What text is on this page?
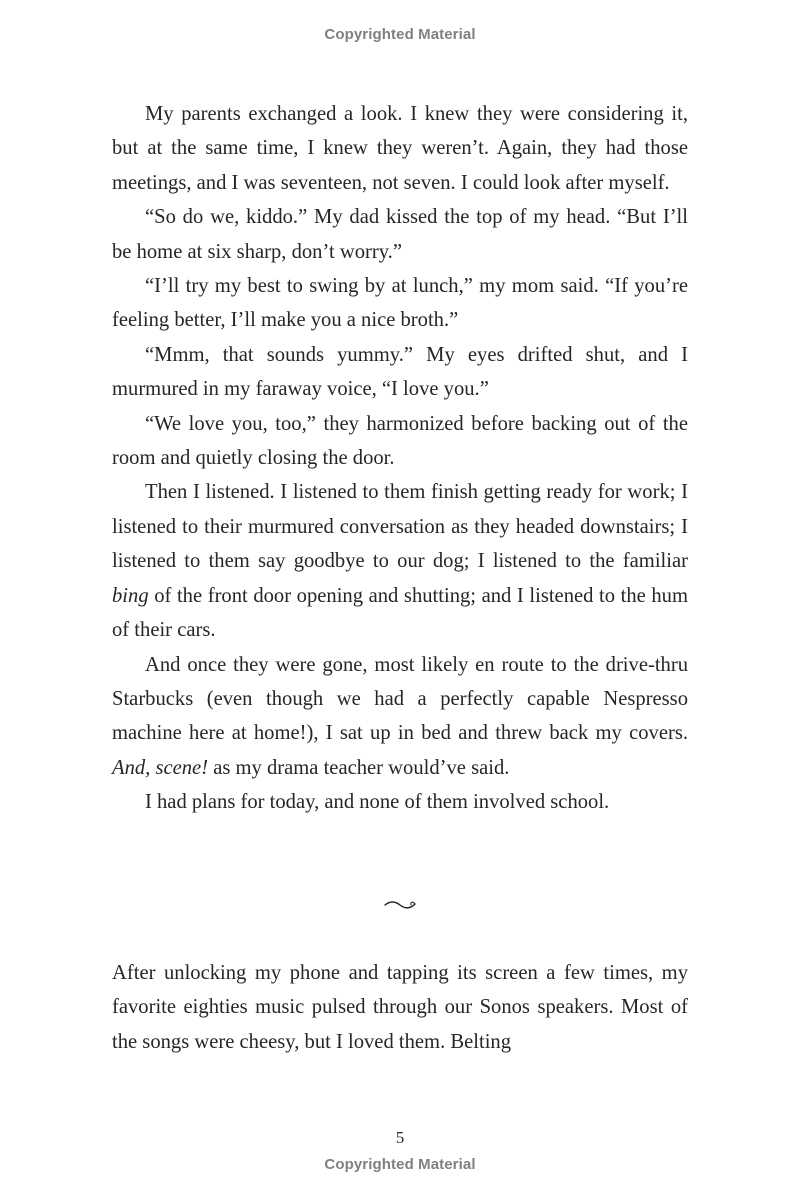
Copyrighted Material

My parents exchanged a look. I knew they were considering it, but at the same time, I knew they weren’t. Again, they had those meetings, and I was seventeen, not seven. I could look after myself.

“So do we, kiddo.” My dad kissed the top of my head. “But I’ll be home at six sharp, don’t worry.”

“I’ll try my best to swing by at lunch,” my mom said. “If you’re feeling better, I’ll make you a nice broth.”

“Mmm, that sounds yummy.” My eyes drifted shut, and I murmured in my faraway voice, “I love you.”

“We love you, too,” they harmonized before backing out of the room and quietly closing the door.

Then I listened. I listened to them finish getting ready for work; I listened to their murmured conversation as they headed downstairs; I listened to them say goodbye to our dog; I listened to the familiar bing of the front door opening and shutting; and I listened to the hum of their cars.

And once they were gone, most likely en route to the drive-thru Starbucks (even though we had a perfectly capable Nespresso machine here at home!), I sat up in bed and threw back my covers. And, scene! as my drama teacher would’ve said.

I had plans for today, and none of them involved school.

After unlocking my phone and tapping its screen a few times, my favorite eighties music pulsed through our Sonos speakers. Most of the songs were cheesy, but I loved them. Belting

5
Copyrighted Material
